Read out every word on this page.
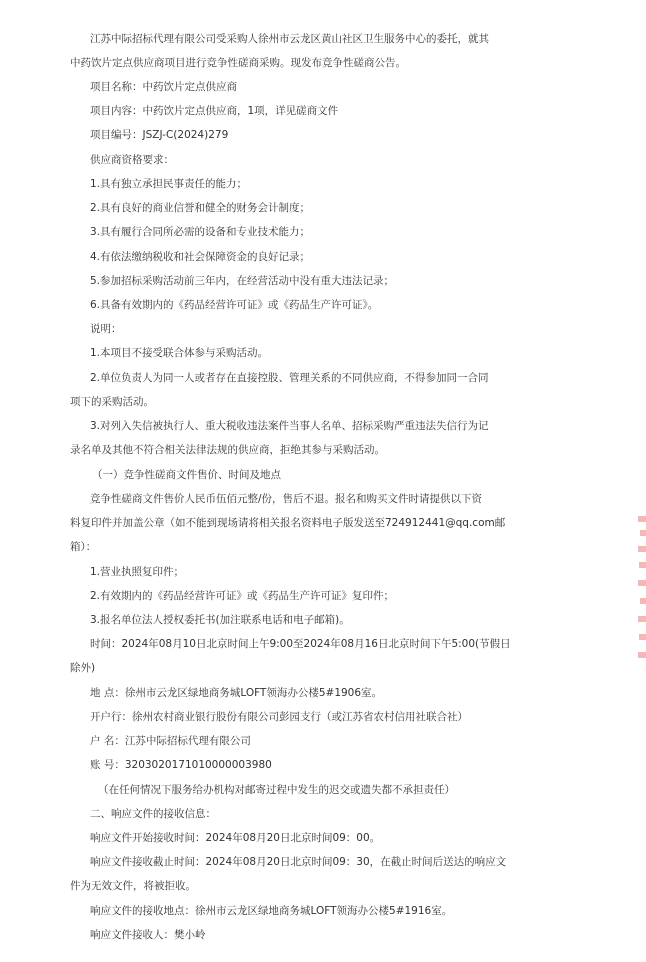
江苏中际招标代理有限公司受采购人徐州市云龙区黄山社区卫生服务中心的委托，就其
中药饮片定点供应商项目进行竞争性磋商采购。现发布竞争性磋商公告。
项目名称：中药饮片定点供应商
项目内容：中药饮片定点供应商，1项，详见磋商文件
项目编号：JSZJ-C(2024)279
供应商资格要求：
1.具有独立承担民事责任的能力；
2.具有良好的商业信誉和健全的财务会计制度；
3.具有履行合同所必需的设备和专业技术能力；
4.有依法缴纳税收和社会保障资金的良好记录；
5.参加招标采购活动前三年内，在经营活动中没有重大违法记录；
6.具备有效期内的《药品经营许可证》或《药品生产许可证》。
说明：
1.本项目不接受联合体参与采购活动。
2.单位负责人为同一人或者存在直接控股、管理关系的不同供应商，不得参加同一合同
项下的采购活动。
3.对列入失信被执行人、重大税收违法案件当事人名单、招标采购严重违法失信行为记
录名单及其他不符合相关法律法规的供应商，拒绝其参与采购活动。
（一）竞争性磋商文件售价、时间及地点
竞争性磋商文件售价人民币伍佰元整/份，售后不退。报名和购买文件时请提供以下资
料复印件并加盖公章（如不能到现场请将相关报名资料电子版发送至724912441@qq.com邮
箱）：
1.营业执照复印件；
2.有效期内的《药品经营许可证》或《药品生产许可证》复印件；
3.报名单位法人授权委托书(加注联系电话和电子邮箱)。
时间：2024年08月10日北京时间上午9:00至2024年08月16日北京时间下午5:00(节假日
除外)
地 点：徐州市云龙区绿地商务城LOFT领海办公楼5#1906室。
开户行：徐州农村商业银行股份有限公司彭园支行（或江苏省农村信用社联合社）
户 名：江苏中际招标代理有限公司
账 号：3203020171010000003980
（在任何情况下服务给办机构对邮寄过程中发生的迟交或遗失都不承担责任）
二、响应文件的接收信息：
响应文件开始接收时间：2024年08月20日北京时间09：00。
响应文件接收截止时间：2024年08月20日北京时间09：30，在截止时间后送达的响应文
件为无效文件，将被拒收。
响应文件的接收地点：徐州市云龙区绿地商务城LOFT领海办公楼5#1916室。
响应文件接收人：樊小岭
